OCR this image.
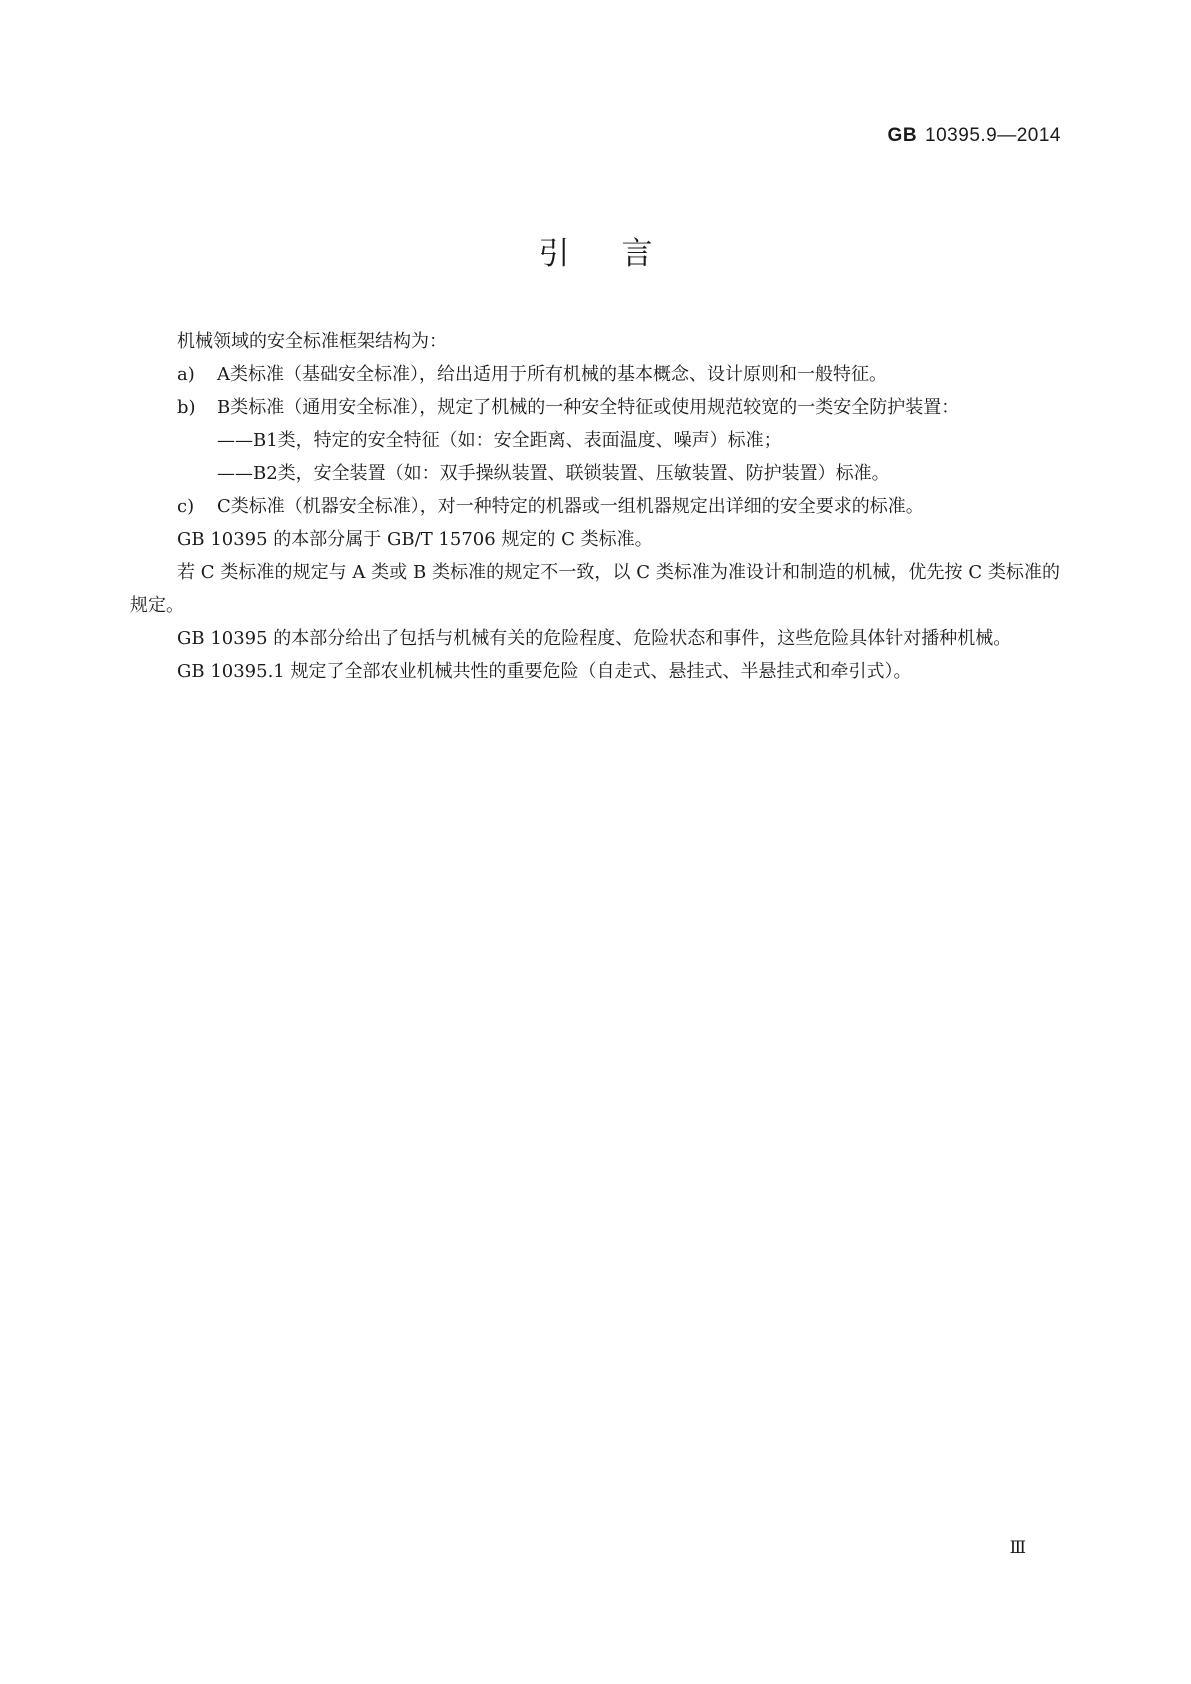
GB 10395.9—2014
引言
机械领域的安全标准框架结构为：
a) A类标准（基础安全标准），给出适用于所有机械的基本概念、设计原则和一般特征。
b) B类标准（通用安全标准），规定了机械的一种安全特征或使用规范较宽的一类安全防护装置：
——B1类，特定的安全特征（如：安全距离、表面温度、噪声）标准；
——B2类，安全装置（如：双手操纵装置、联锁装置、压敏装置、防护装置）标准。
c) C类标准（机器安全标准），对一种特定的机器或一组机器规定出详细的安全要求的标准。
GB 10395 的本部分属于 GB/T 15706 规定的 C 类标准。
若 C 类标准的规定与 A 类或 B 类标准的规定不一致，以 C 类标准为准设计和制造的机械，优先按 C 类标准的规定。
GB 10395 的本部分给出了包括与机械有关的危险程度、危险状态和事件，这些危险具体针对播种机械。
GB 10395.1 规定了全部农业机械共性的重要危险（自走式、悬挂式、半悬挂式和牵引式）。
Ⅲ
